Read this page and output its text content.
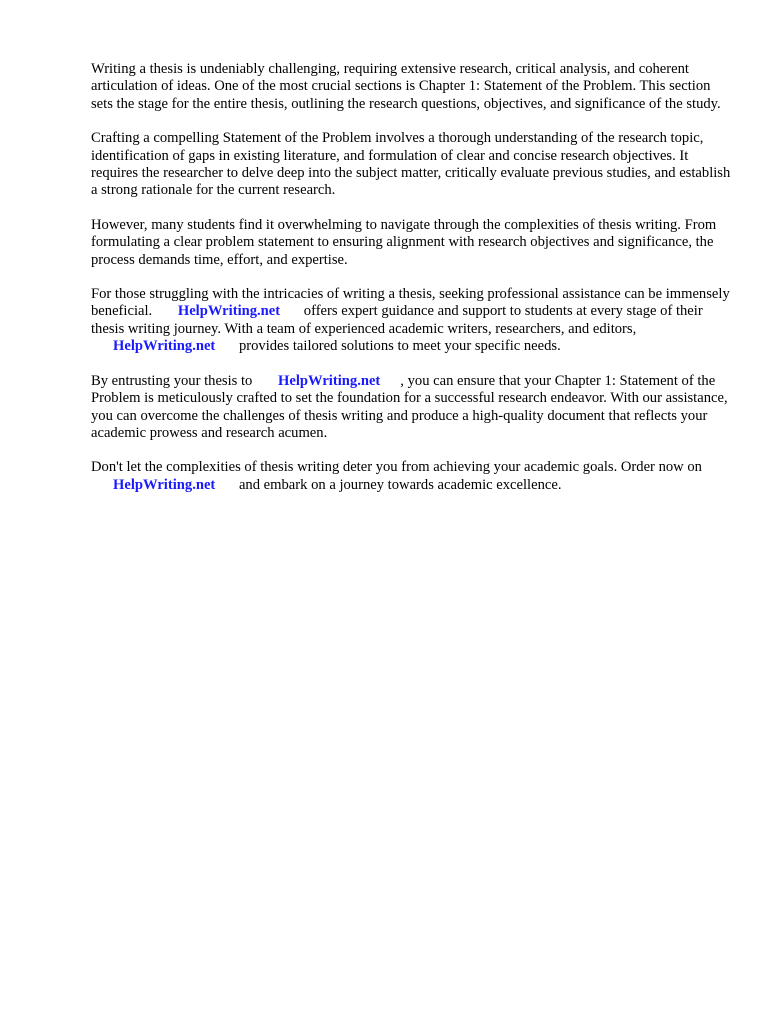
Writing a thesis is undeniably challenging, requiring extensive research, critical analysis, and coherent articulation of ideas. One of the most crucial sections is Chapter 1: Statement of the Problem. This section sets the stage for the entire thesis, outlining the research questions, objectives, and significance of the study.

Crafting a compelling Statement of the Problem involves a thorough understanding of the research topic, identification of gaps in existing literature, and formulation of clear and concise research objectives. It requires the researcher to delve deep into the subject matter, critically evaluate previous studies, and establish a strong rationale for the current research.

However, many students find it overwhelming to navigate through the complexities of thesis writing. From formulating a clear problem statement to ensuring alignment with research objectives and significance, the process demands time, effort, and expertise.

For those struggling with the intricacies of writing a thesis, seeking professional assistance can be immensely beneficial. HelpWriting.net offers expert guidance and support to students at every stage of their thesis writing journey. With a team of experienced academic writers, researchers, and editors, HelpWriting.net provides tailored solutions to meet your specific needs.

By entrusting your thesis to HelpWriting.net , you can ensure that your Chapter 1: Statement of the Problem is meticulously crafted to set the foundation for a successful research endeavor. With our assistance, you can overcome the challenges of thesis writing and produce a high-quality document that reflects your academic prowess and research acumen.

Don't let the complexities of thesis writing deter you from achieving your academic goals. Order now on HelpWriting.net and embark on a journey towards academic excellence.
